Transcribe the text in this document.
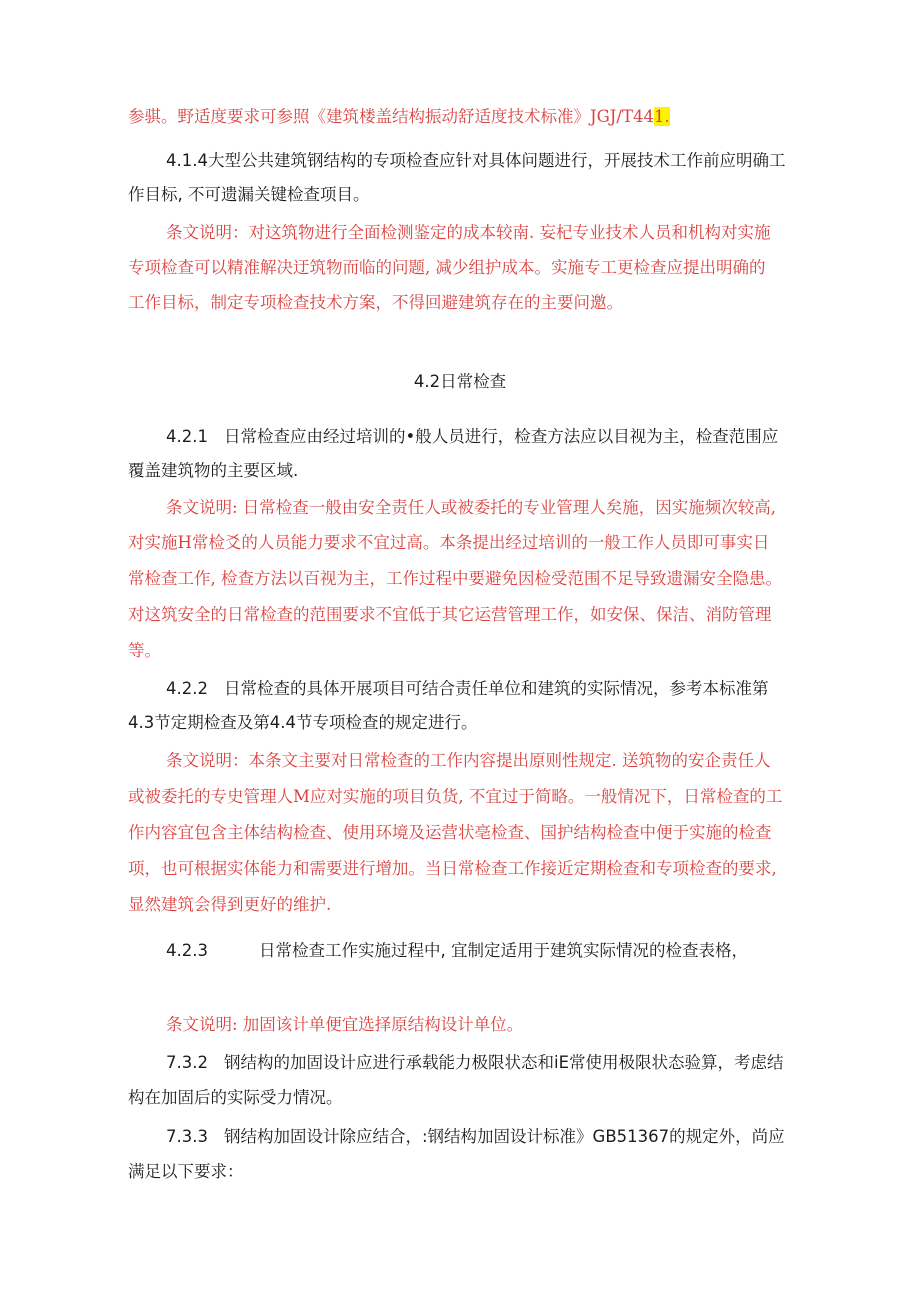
参骐。野适度要求可参照《建筑楼盖结构振动舒适度技术标准》JGJ/T441.
4.1.4大型公共建筑钢结构的专项检查应针对具体问题进行，开展技术工作前应明确工
作目标, 不可遗漏关键检查项目。
条文说明：对这筑物进行全面检测鉴定的成本较南. 妄杞专业技术人员和机构对实施
专项检查可以精准解决迂筑物而临的问题, 减少组护成本。实施专工更检查应提出明确的
工作目标，制定专项检查技术方案，不得回避建筑存在的主要问邀。
4.2日常检查
4.2.1 日常检查应由经过培训的•般人员进行，检查方法应以目视为主，检查范围应
覆盖建筑物的主要区域.
条文说明: 日常检查一般由安全责任人或被委托的专业管理人矣施，因实施频次较高,
对实施H常检爻的人员能力要求不宜过高。本条提出经过培训的一般工作人员即可事实日
常检查工作, 检查方法以百视为主，工作过程中要避免因检受范围不足导致遗漏安全隐患。
对这筑安全的日常检查的范围要求不宜低于其它运营管理工作，如安保、保洁、消防管理
等。
4.2.2 日常检查的具体开展项目可结合责任单位和建筑的实际情况，参考本标准第
4.3节定期检查及第4.4节专项检查的规定进行。
条文说明：本条文主要对日常检查的工作内容提出原则性规定. 送筑物的安企责任人
或被委托的专史管理人M应对实施的项目负货, 不宜过于简略。一般情况下，日常检查的工
作内容宜包含主体结构检查、使用环境及运营状亳检查、国护结构检查中便于实施的检查
项，也可根据实体能力和需要进行增加。当日常检查工作接近定期检查和专项检查的要求,
显然建筑会得到更好的维护.
4.2.3	日常检查工作实施过程中, 宜制定适用于建筑实际情况的检查表格，
条文说明: 加固该计单便宜选择原结构设计单位。
7.3.2 钢结构的加固设计应进行承载能力极限状态和iE常使用极限状态验算，考虑结
构在加固后的实际受力情况。
7.3.3 钢结构加固设计除应结合，:钢结构加固设计标准》GB51367的规定外，尚应
满足以下要求：
